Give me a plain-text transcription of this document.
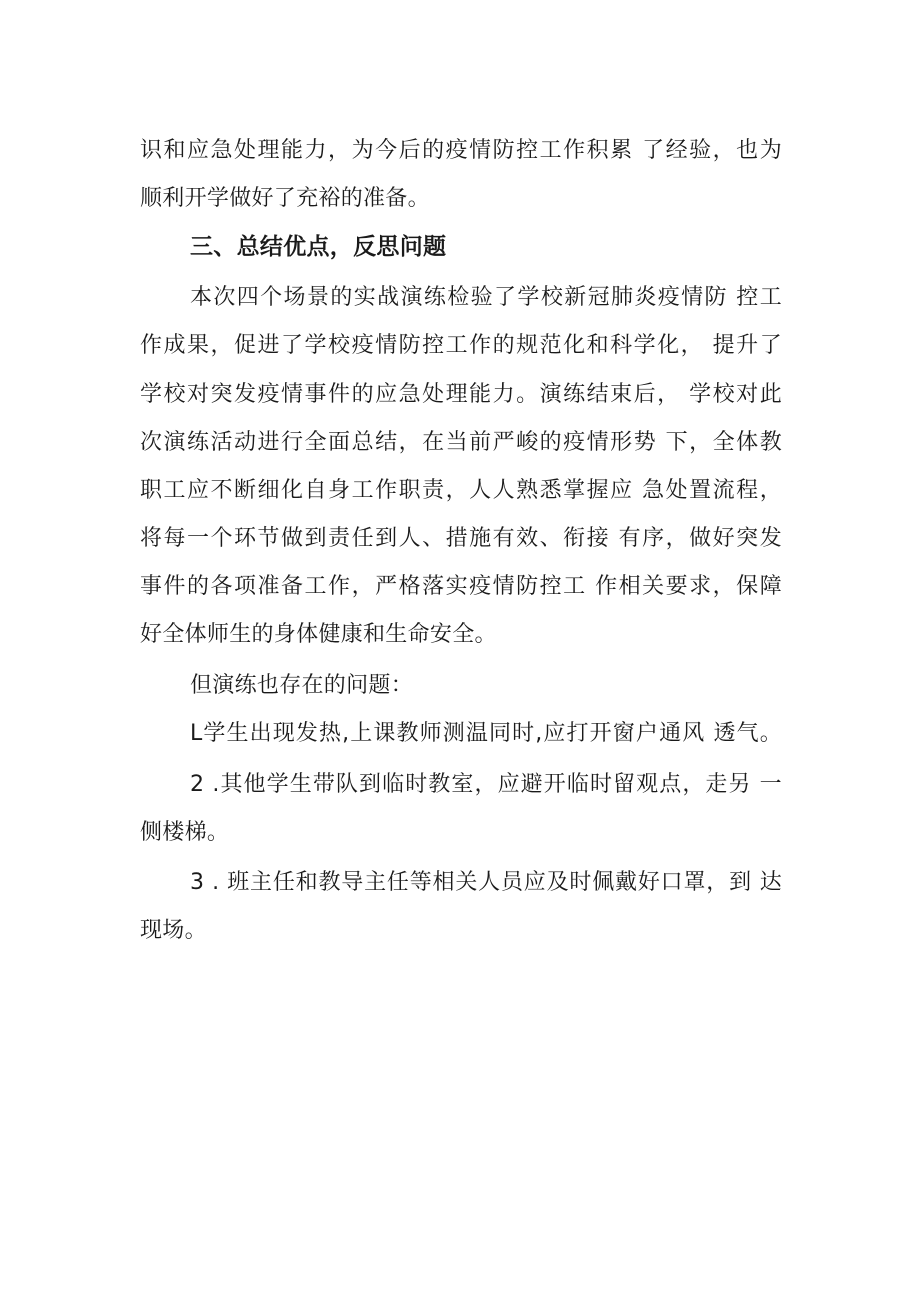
识和应急处理能力，为今后的疫情防控工作积累 了经验，也为
顺利开学做好了充裕的准备。
三、总结优点，反思问题
本次四个场景的实战演练检验了学校新冠肺炎疫情防 控工
作成果，促进了学校疫情防控工作的规范化和科学化， 提升了
学校对突发疫情事件的应急处理能力。演练结束后， 学校对此
次演练活动进行全面总结，在当前严峻的疫情形势 下，全体教
职工应不断细化自身工作职责，人人熟悉掌握应 急处置流程，
将每一个环节做到责任到人、措施有效、衔接 有序，做好突发
事件的各项准备工作，严格落实疫情防控工 作相关要求，保障
好全体师生的身体健康和生命安全。
但演练也存在的问题：
L学生出现发热,上课教师测温同时,应打开窗户通风 透气。
2 .其他学生带队到临时教室，应避开临时留观点，走另 一
侧楼梯。
3 . 班主任和教导主任等相关人员应及时佩戴好口罩，到 达
现场。
